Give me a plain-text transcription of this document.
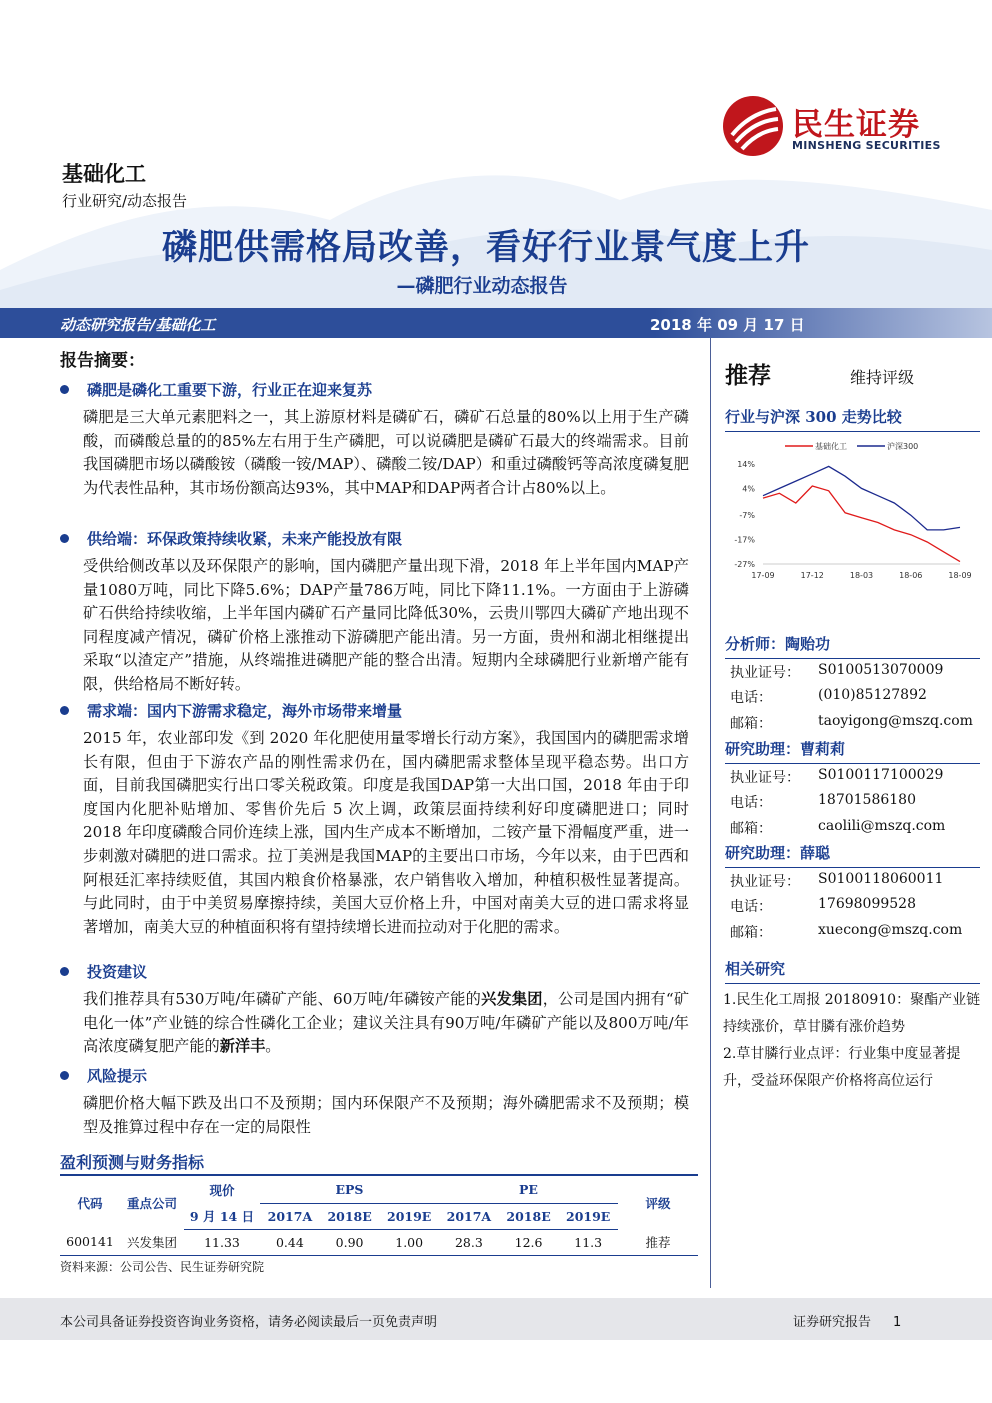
民生证券
MINSHENG SECURITIES
基础化工
行业研究/动态报告
磷肥供需格局改善，看好行业景气度上升
—磷肥行业动态报告
动态研究报告/基础化工	2018 年 09 月 17 日
报告摘要：
磷肥是磷化工重要下游，行业正在迎来复苏
磷肥是三大单元素肥料之一，其上游原材料是磷矿石，磷矿石总量的80%以上用于生产磷酸，而磷酸总量的的85%左右用于生产磷肥，可以说磷肥是磷矿石最大的终端需求。目前我国磷肥市场以磷酸铵（磷酸一铵/MAP）、磷酸二铵/DAP）和重过磷酸钙等高浓度磷复肥为代表性品种，其市场份额高达93%，其中MAP和DAP两者合计占80%以上。
供给端：环保政策持续收紧，未来产能投放有限
受供给侧改革以及环保限产的影响，国内磷肥产量出现下滑，2018 年上半年国内MAP产量1080万吨，同比下降5.6%；DAP产量786万吨，同比下降11.1%。一方面由于上游磷矿石供给持续收缩，上半年国内磷矿石产量同比降低30%，云贵川鄂四大磷矿产地出现不同程度减产情况，磷矿价格上涨推动下游磷肥产能出清。另一方面，贵州和湖北相继提出采取“以渣定产”措施，从终端推进磷肥产能的整合出清。短期内全球磷肥行业新增产能有限，供给格局不断好转。
需求端：国内下游需求稳定，海外市场带来增量
2015 年，农业部印发《到 2020 年化肥使用量零增长行动方案》，我国国内的磷肥需求增长有限，但由于下游农产品的刚性需求仍在，国内磷肥需求整体呈现平稳态势。出口方面，目前我国磷肥实行出口零关税政策。印度是我国DAP第一大出口国，2018 年由于印度国内化肥补贴增加、零售价先后 5 次上调，政策层面持续利好印度磷肥进口；同时 2018 年印度磷酸合同价连续上涨，国内生产成本不断增加，二铵产量下滑幅度严重，进一步刺激对磷肥的进口需求。拉丁美洲是我国MAP的主要出口市场，今年以来，由于巴西和阿根廷汇率持续贬值，其国内粮食价格暴涨，农户销售收入增加，种植积极性显著提高。与此同时，由于中美贸易摩擦持续，美国大豆价格上升，中国对南美大豆的进口需求将显著增加，南美大豆的种植面积将有望持续增长进而拉动对于化肥的需求。
投资建议
我们推荐具有530万吨/年磷矿产能、60万吨/年磷铵产能的兴发集团，公司是国内拥有“矿电化一体”产业链的综合性磷化工企业；建议关注具有90万吨/年磷矿产能以及800万吨/年高浓度磷复肥产能的新洋丰。
风险提示
磷肥价格大幅下跌及出口不及预期；国内环保限产不及预期；海外磷肥需求不及预期；模型及推算过程中存在一定的局限性
盈利预测与财务指标
代码	重点公司	现价	EPS			PE			评级
		9 月 14 日	2017A	2018E	2019E	2017A	2018E	2019E	
600141	兴发集团	11.33	0.44	0.90	1.00	28.3	12.6	11.3	推荐
资料来源：公司公告、民生证券研究院
推荐	维持评级
行业与沪深 300 走势比较
基础化工	沪深300
14%
4%
-7%
-17%
-27%
17-09	17-12	18-03	18-06	18-09
分析师：陶贻功
执业证号： S0100513070009
电话：	(010)85127892
邮箱：	taoyigong@mszq.com
研究助理：曹莉莉
执业证号： S0100117100029
电话：	18701586180
邮箱：	caolili@mszq.com
研究助理：薛聪
执业证号： S0100118060011
电话：	17698099528
邮箱：	xuecong@mszq.com
相关研究
1.民生化工周报 20180910：聚酯产业链持续涨价，草甘膦有涨价趋势
2.草甘膦行业点评：行业集中度显著提升，受益环保限产价格将高位运行
本公司具备证券投资咨询业务资格，请务必阅读最后一页免责声明	证券研究报告 1
